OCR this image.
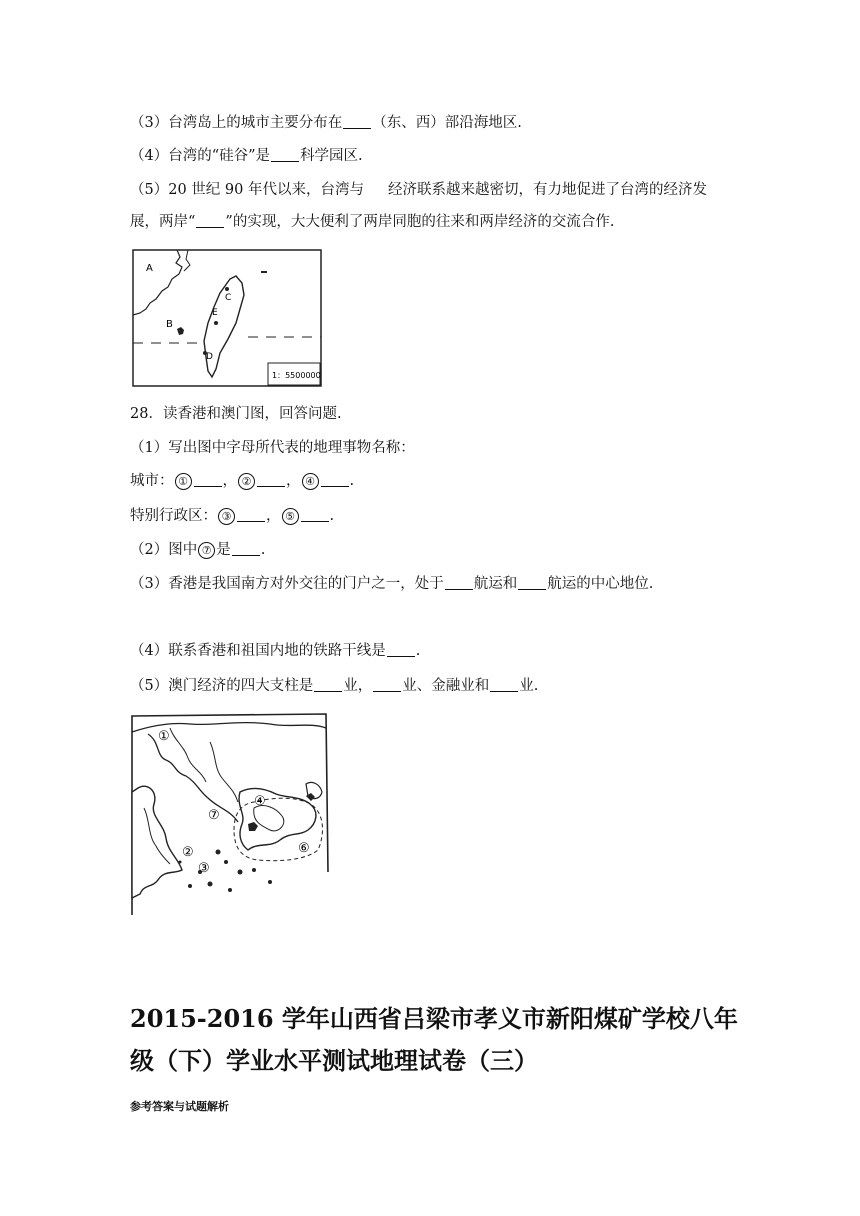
（3）台湾岛上的城市主要分布在 （东、西）部沿海地区.
（4）台湾的“硅谷”是 科学园区.
（5）20 世纪 90 年代以来，台湾与 经济联系越来越密切，有力地促进了台湾的经济发
展，两岸“ ”的实现，大大便利了两岸同胞的往来和两岸经济的交流合作.
1：5500000
A
B
C
E
D
28．读香港和澳门图，回答问题.
（1）写出图中字母所代表的地理事物名称：
城市： ① ， ② ， ④ .
特别行政区： ③ ， ⑤ .
（2）图中 ⑦ 是 .
（3）香港是我国南方对外交往的门户之一，处于 航运和 航运的中心地位.
（4）联系香港和祖国内地的铁路干线是 .
（5）澳门经济的四大支柱是 业， 业、金融业和 业.
①
⑦
④
②
③
⑥
2015-2016 学年山西省吕梁市孝义市新阳煤矿学校八年
级（下）学业水平测试地理试卷（三）
参考答案与试题解析
